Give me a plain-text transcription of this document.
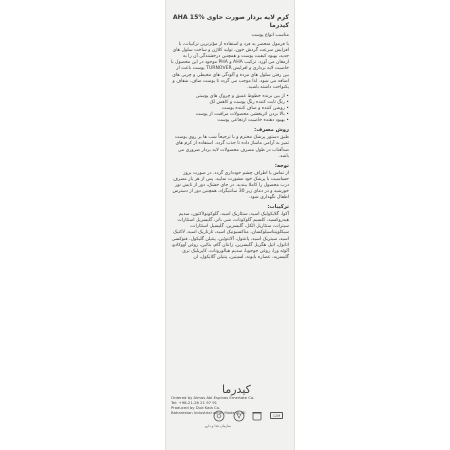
کرم لایه بردار صورت حاوی AHA 15% کیدرما
مناسب انواع پوست
با فرمول منحصر به فرد و استفاده از مؤثرترین ترکیبات، با افزایش سرعت گردش خون، تولید کلاژن و ساخت سلول های جدید، بهبود کیفیت پوست و همچنین درخشندگی آن را به ارمغان می آورد. ترکیب AHA و PHA موجود در این محصول با خاصیت لایه برداری و افزایش TURNOVER پوست باعث از بین رفتن سلول های مرده و آلودگی های محیطی و چربی های اضافه می شود. لذا موجب می گردد تا پوست صاف، شفاف و یکنواخت داشته باشید.
• از بین برنده خطوط عمیق و چروک های پوستی
• رنگ ثابت کننده رنگ پوست و کاهش لک
• روشن کننده و صاف کننده پوست
• بالا بردن اثربخشی محصولات مراقبت از پوست
• بهبود دهنده خاصیت ارتجاعی پوست
روش مصرف:
طبق دستور پزشک محترم و یا ترجیحاً شب ها بر روی پوست تمیز به آرامی ماساژ داده تا جذب گردد. استفاده از کرم های ضدآفتاب در طول مصرف محصولات لایه بردار ضروری می باشد.
توجه:
از تماس با اطراف چشم خودداری گردد. در صورت بروز حساسیت با پزشک خود مشورت نمایید. پس از هر بار مصرف درب محصول را کاملا ببندید. در جای خشک، دور از تابش نور خورشید و در دمای زیر 30 سانتیگراد، همچنین دور از دسترس اطفال نگهداری شود.
ترکیبات:
آکوا، گلایکولیک اسید، ستئاریک اسید، گلوکونولاکتون، سدیم هیدروکسید، کلسیم گلوکونات، شی باتر، گلیسریل استئارات سیترات، ستئاریل الکل، گلیسرین، گلیسیل استئارات، سیکلوپنتاسیلوکسان، مناکسیونیک اسید، تارتاریک اسید، لاکتیک اسید، سیتریک اسید، پانتنول، آلانتوئین، پنتیلن گلیکول، فنوکسی اتانول، اتیل هگزیل گلیسرین، زانتان گام، بتائین، روغن آووکادو، آلوئه ورا، روغن جوجوبا، سدیم هیالورونات، کاپریلیک تری گلیسرید، عصاره بابونه، لسیتین، پنتیلن گلایکول، ان
کیدرما
Ordered by Almas Abi Espinas Emertate Co.
Tel: +98-21-26 21 97 91
Produced by Dud Kala Co.
Baharestan Industrial zone. Made in IRI
سازمان غذا و دارو
12M
